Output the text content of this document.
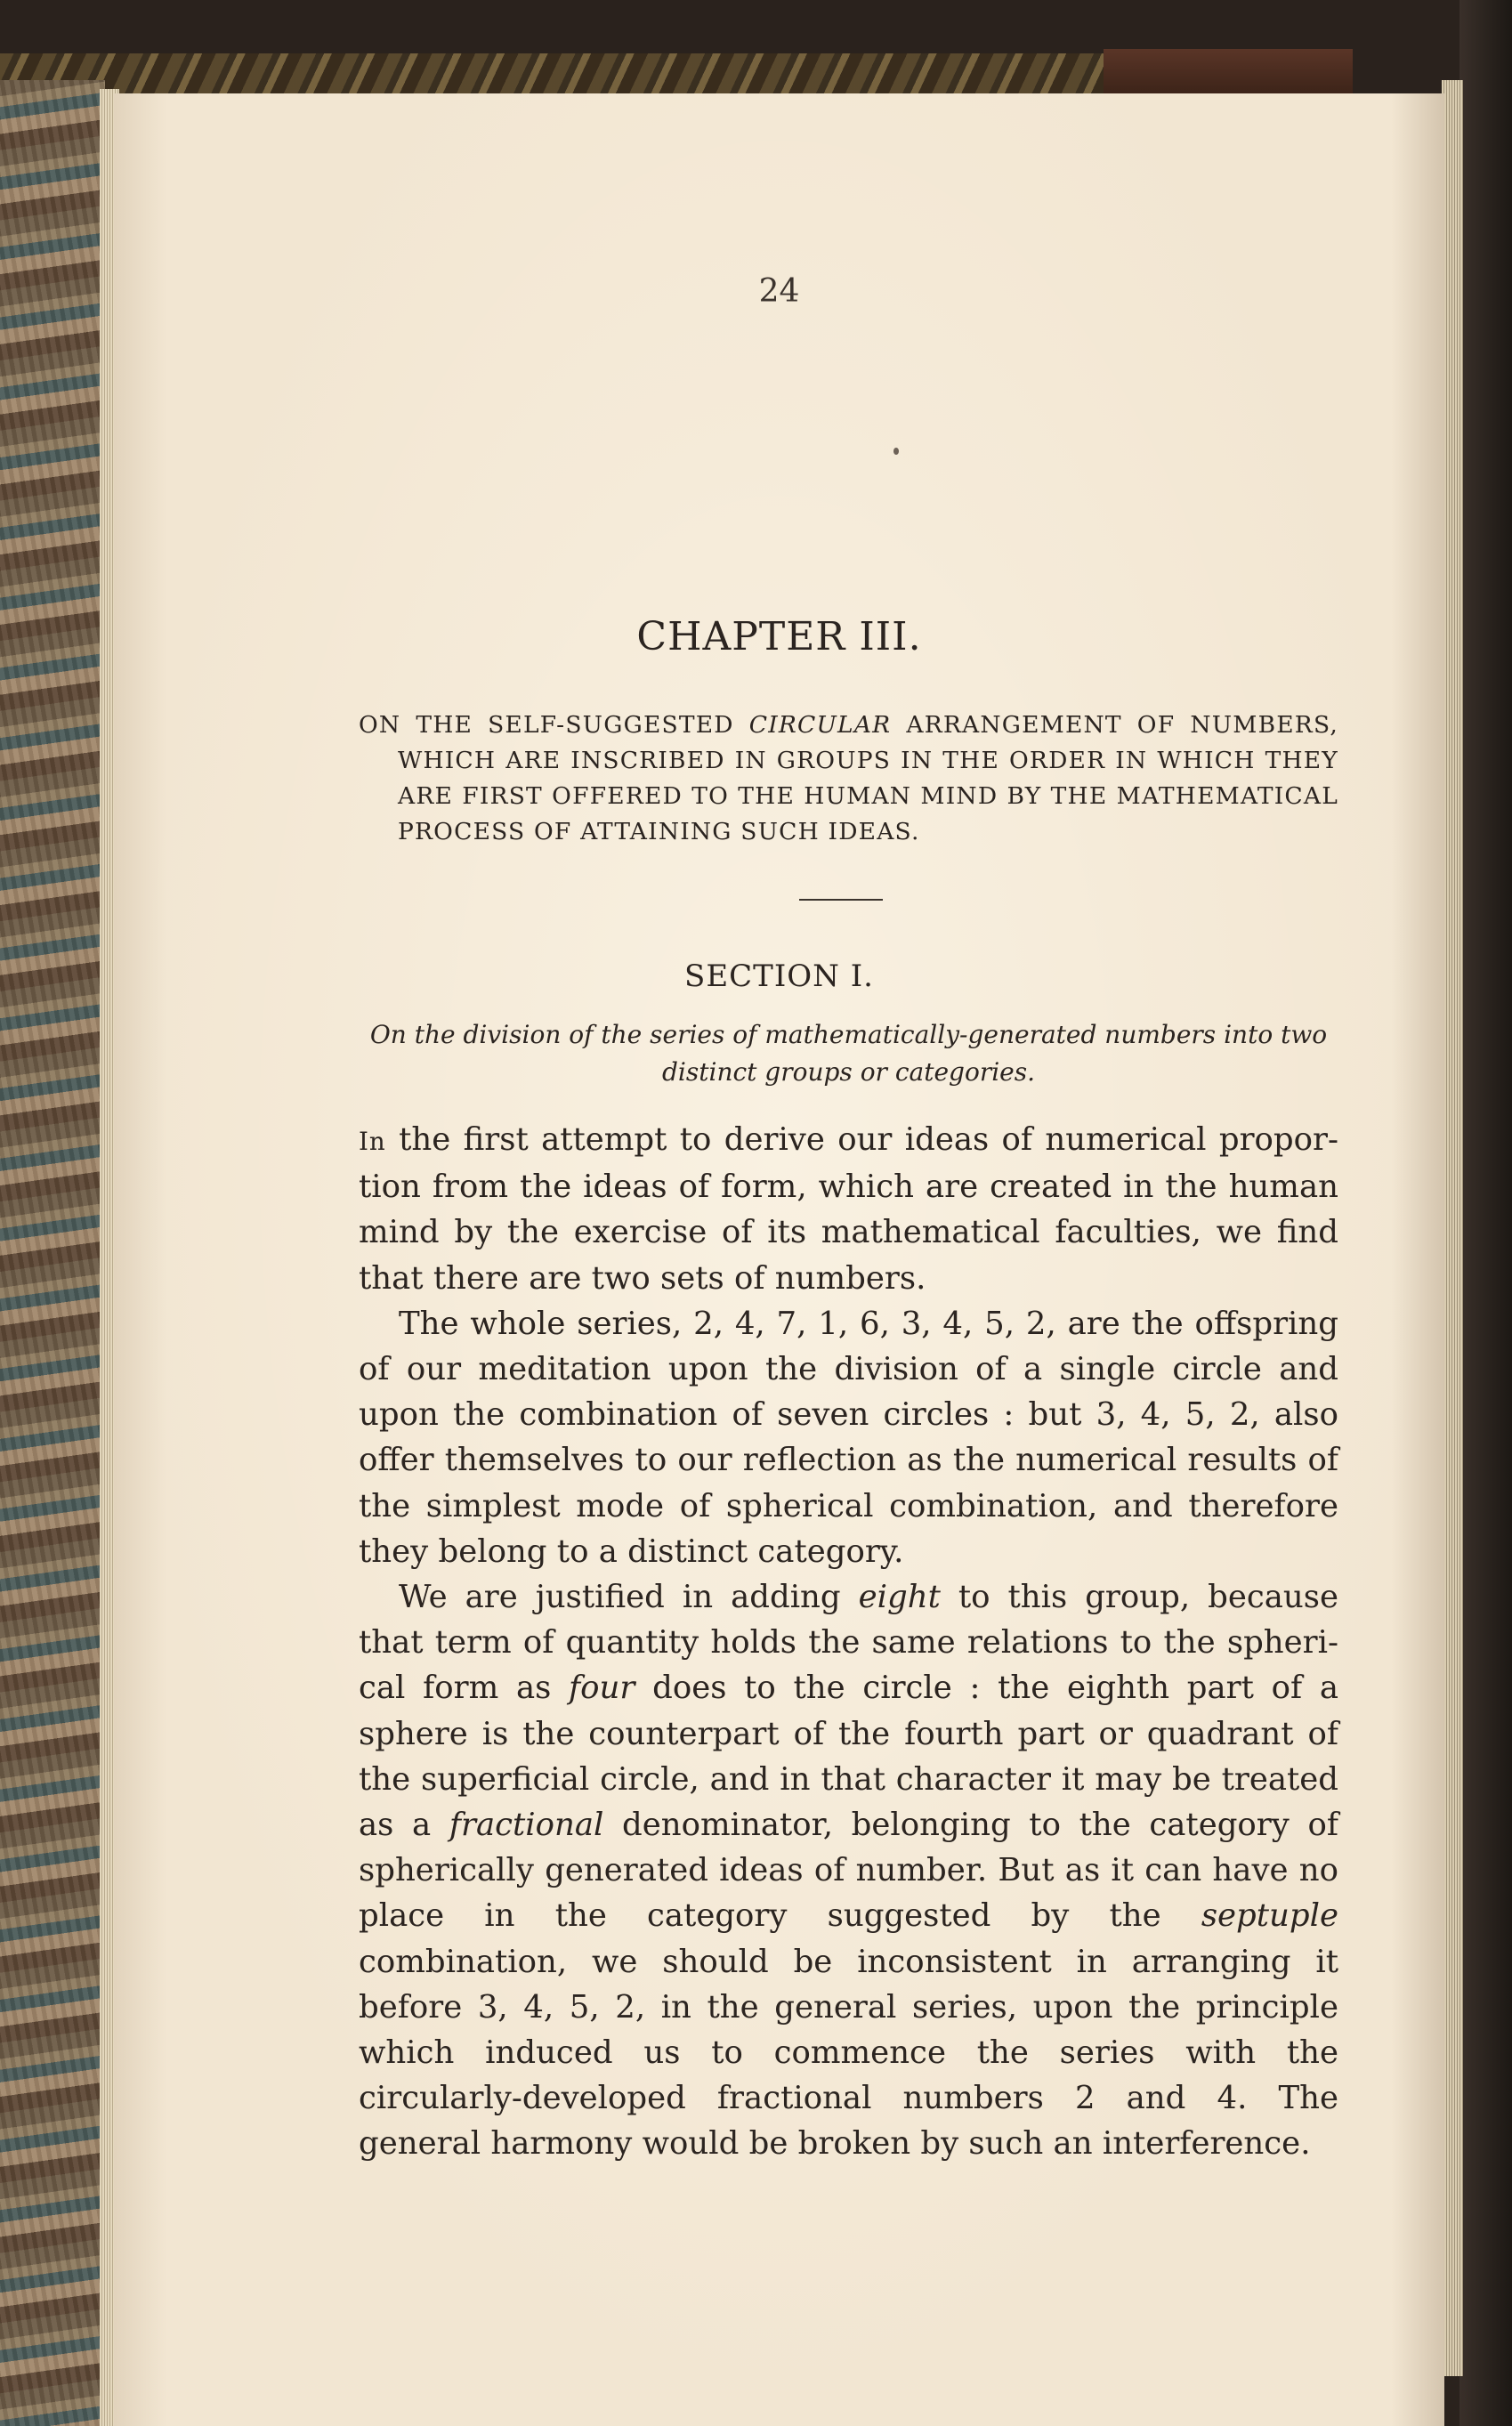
24
CHAPTER III.
ON THE SELF-SUGGESTED CIRCULAR ARRANGEMENT OF NUMBERS, WHICH ARE INSCRIBED IN GROUPS IN THE ORDER IN WHICH THEY ARE FIRST OFFERED TO THE HUMAN MIND BY THE MATHEMATICAL PROCESS OF ATTAINING SUCH IDEAS.
SECTION I.
On the division of the series of mathematically-generated numbers into two distinct groups or categories.

In the first attempt to derive our ideas of numerical proportion from the ideas of form, which are created in the human mind by the exercise of its mathematical faculties, we find that there are two sets of numbers.

The whole series, 2, 4, 7, 1, 6, 3, 4, 5, 2, are the offspring of our meditation upon the division of a single circle and upon the combination of seven circles : but 3, 4, 5, 2, also offer themselves to our reflection as the numerical results of the simplest mode of spherical combination, and therefore they belong to a distinct category.

We are justified in adding eight to this group, because that term of quantity holds the same relations to the spherical form as four does to the circle : the eighth part of a sphere is the counterpart of the fourth part or quadrant of the superficial circle, and in that character it may be treated as a fractional denominator, belonging to the category of spherically generated ideas of number. But as it can have no place in the category suggested by the septuple combination, we should be inconsistent in arranging it before 3, 4, 5, 2, in the general series, upon the principle which induced us to commence the series with the circularly-developed fractional numbers 2 and 4. The general harmony would be broken by such an interference.
